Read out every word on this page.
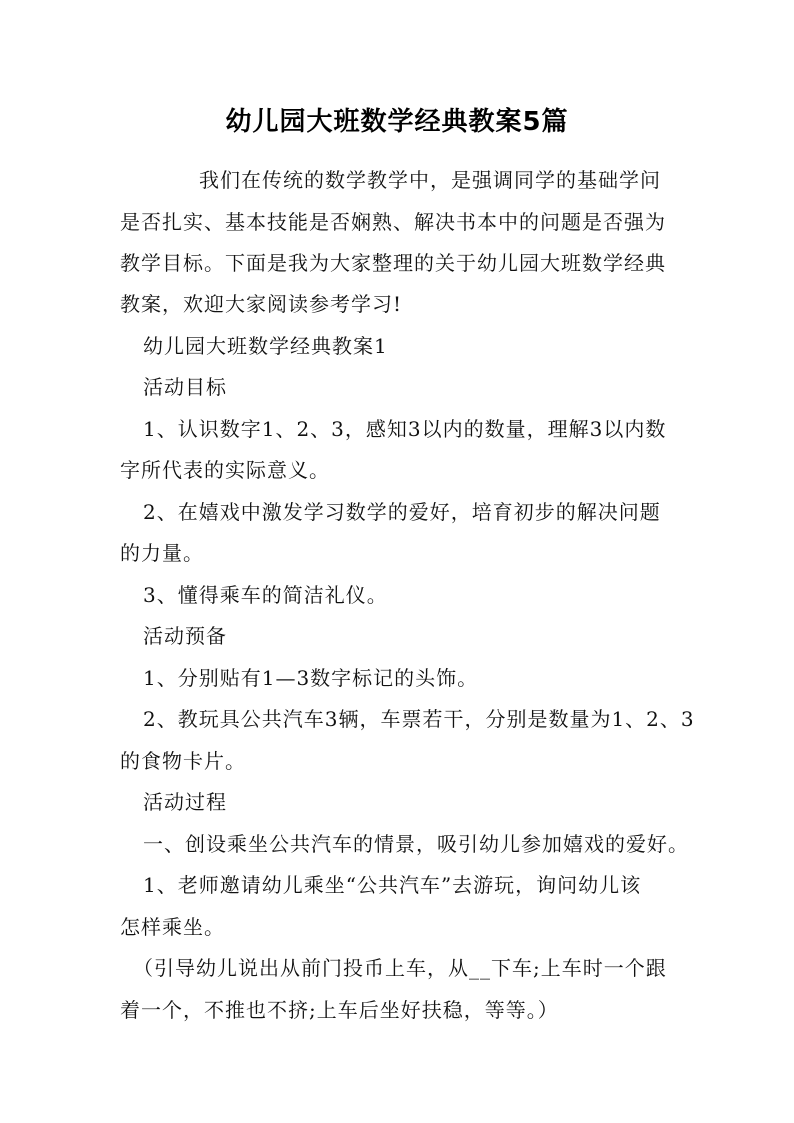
幼儿园大班数学经典教案5篇
我们在传统的数学教学中，是强调同学的基础学问
是否扎实、基本技能是否娴熟、解决书本中的问题是否强为
教学目标。下面是我为大家整理的关于幼儿园大班数学经典
教案，欢迎大家阅读参考学习!
幼儿园大班数学经典教案1
活动目标
1、认识数字1、2、3，感知3以内的数量，理解3以内数
字所代表的实际意义。
2、在嬉戏中激发学习数学的爱好，培育初步的解决问题
的力量。
3、懂得乘车的简洁礼仪。
活动预备
1、分别贴有1—3数字标记的头饰。
2、教玩具公共汽车3辆，车票若干，分别是数量为1、2、3
的食物卡片。
活动过程
一、创设乘坐公共汽车的情景，吸引幼儿参加嬉戏的爱好。
1、老师邀请幼儿乘坐“公共汽车”去游玩，询问幼儿该
怎样乘坐。
（引导幼儿说出从前门投币上车，从__下车;上车时一个跟
着一个，不推也不挤;上车后坐好扶稳，等等。）
